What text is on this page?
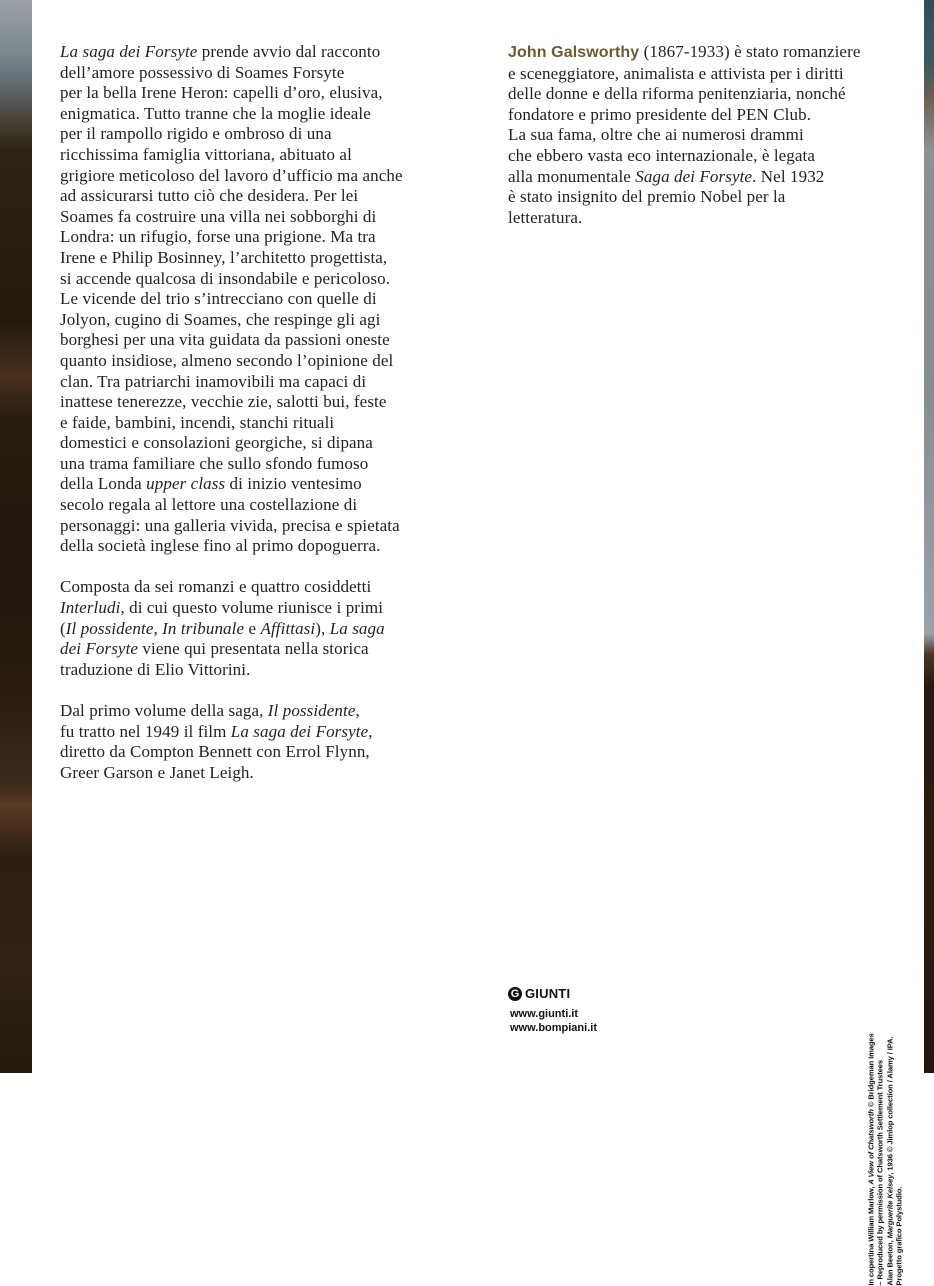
La saga dei Forsyte prende avvio dal racconto
dell’amore possessivo di Soames Forsyte
per la bella Irene Heron: capelli d’oro, elusiva,
enigmatica. Tutto tranne che la moglie ideale
per il rampollo rigido e ombroso di una
ricchissima famiglia vittoriana, abituato al
grigiore meticoloso del lavoro d’ufficio ma anche
ad assicurarsi tutto ciò che desidera. Per lei
Soames fa costruire una villa nei sobborghi di
Londra: un rifugio, forse una prigione. Ma tra
Irene e Philip Bosinney, l’architetto progettista,
si accende qualcosa di insondabile e pericoloso.
Le vicende del trio s’intrecciano con quelle di
Jolyon, cugino di Soames, che respinge gli agi
borghesi per una vita guidata da passioni oneste
quanto insidiose, almeno secondo l’opinione del
clan. Tra patriarchi inamovibili ma capaci di
inattese tenerezze, vecchie zie, salotti bui, feste
e faide, bambini, incendi, stanchi rituali
domestici e consolazioni georgiche, si dipana
una trama familiare che sullo sfondo fumoso
della Londa upper class di inizio ventesimo
secolo regala al lettore una costellazione di
personaggi: una galleria vivida, precisa e spietata
della società inglese fino al primo dopoguerra.
Composta da sei romanzi e quattro cosiddetti
Interludi, di cui questo volume riunisce i primi
(Il possidente, In tribunale e Affittasi), La saga
dei Forsyte viene qui presentata nella storica
traduzione di Elio Vittorini.
Dal primo volume della saga, Il possidente,
fu tratto nel 1949 il film La saga dei Forsyte,
diretto da Compton Bennett con Errol Flynn,
Greer Garson e Janet Leigh.
John Galsworthy (1867-1933) è stato romanziere
e sceneggiatore, animalista e attivista per i diritti
delle donne e della riforma penitenziaria, nonché
fondatore e primo presidente del PEN Club.
La sua fama, oltre che ai numerosi drammi
che ebbero vasta eco internazionale, è legata
alla monumentale Saga dei Forsyte. Nel 1932
è stato insignito del premio Nobel per la
letteratura.
G GIUNTI
www.giunti.it
www.bompiani.it
In copertina William Marlow, A View of Chatsworth © Bridgeman Images – Reproduced by permission of Chatsworth Settlement Trustees Alan Beeton, Marguerite Kelsey, 1936 © Jimlop collection / Alamy / IPA.
Progetto grafico Polystudio.
